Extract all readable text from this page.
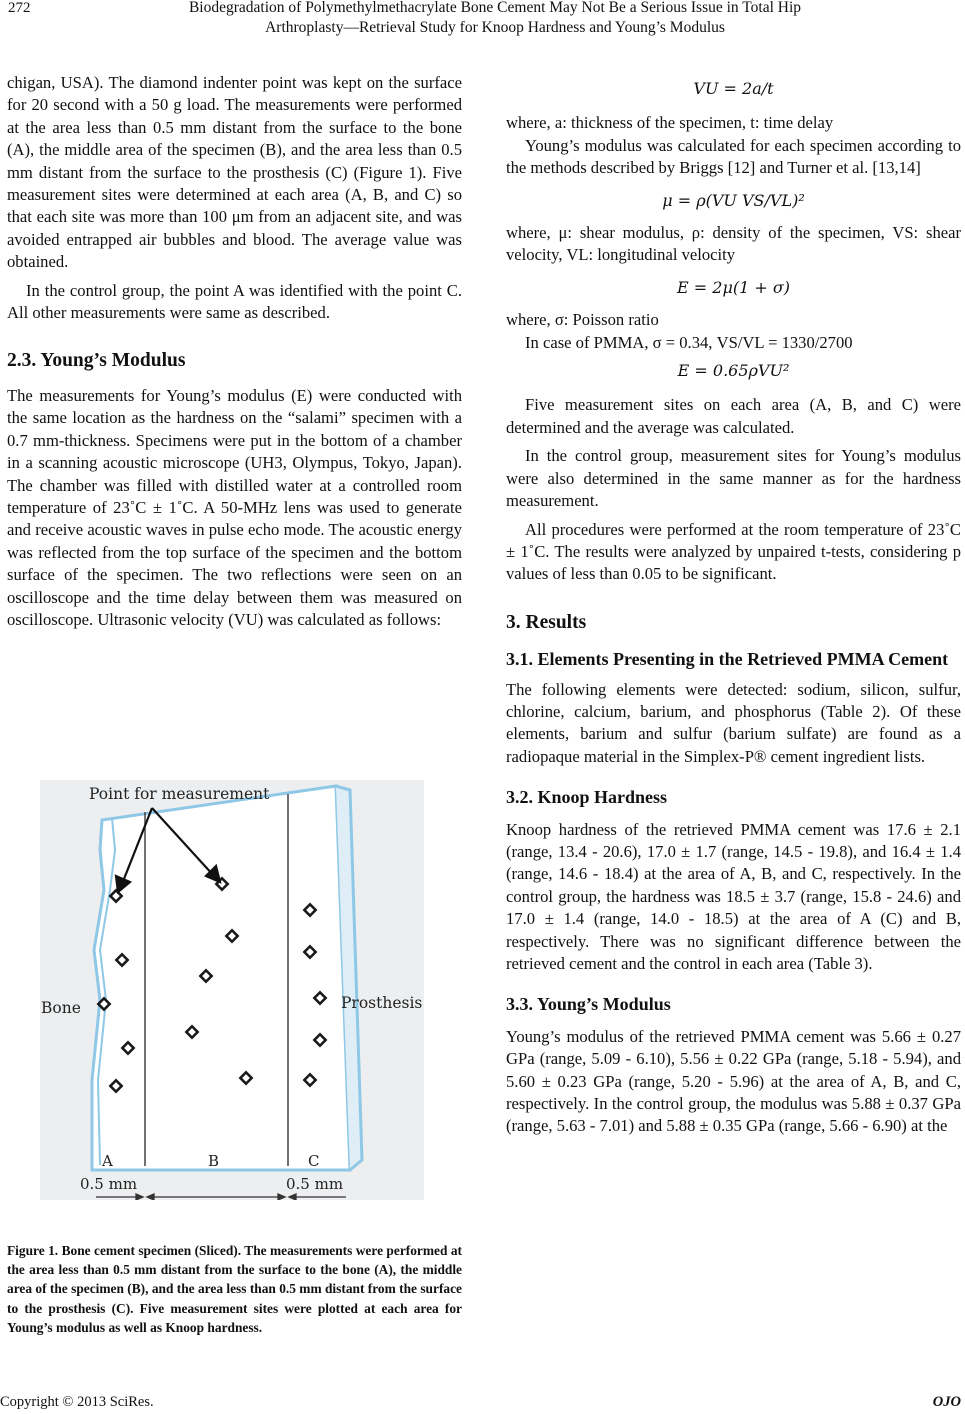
272	Biodegradation of Polymethylmethacrylate Bone Cement May Not Be a Serious Issue in Total Hip
Arthroplasty—Retrieval Study for Knoop Hardness and Young’s Modulus

chigan, USA). The diamond indenter point was kept on the surface for 20 second with a 50 g load. The measurements were performed at the area less than 0.5 mm distant from the surface to the bone (A), the middle area of the specimen (B), and the area less than 0.5 mm distant from the surface to the prosthesis (C) (Figure 1). Five measurement sites were determined at each area (A, B, and C) so that each site was more than 100 μm from an adjacent site, and was avoided entrapped air bubbles and blood. The average value was obtained.

In the control group, the point A was identified with the point C. All other measurements were same as described.

2.3. Young’s Modulus

The measurements for Young’s modulus (E) were conducted with the same location as the hardness on the “salami” specimen with a 0.7 mm-thickness. Specimens were put in the bottom of a chamber in a scanning acoustic microscope (UH3, Olympus, Tokyo, Japan). The chamber was filled with distilled water at a controlled room temperature of 23˚C ± 1˚C. A 50-MHz lens was used to generate and receive acoustic waves in pulse echo mode. The acoustic energy was reflected from the top surface of the specimen and the bottom surface of the specimen. The two reflections were seen on an oscilloscope and the time delay between them was measured on oscilloscope. Ultrasonic velocity (VU) was calculated as follows:

Point for measurement
Bone	Prosthesis
0.5 mm	0.5 mm
A	B	C
Figure 1. Bone cement specimen (Sliced). The measurements were performed at the area less than 0.5 mm distant from the surface to the bone (A), the middle area of the specimen (B), and the area less than 0.5 mm distant from the surface to the prosthesis (C). Five measurement sites were plotted at each area for Young’s modulus as well as Knoop hardness.
VU = 2a/t

where, a: thickness of the specimen, t: time delay

Young’s modulus was calculated for each specimen according to the methods described by Briggs [12] and Turner et al. [13,14]

μ = ρ(VU VS/VL)²

where, μ: shear modulus, ρ: density of the specimen, VS: shear velocity, VL: longitudinal velocity

E = 2μ(1 + σ)

where, σ: Poisson ratio

In case of PMMA, σ = 0.34, VS/VL = 1330/2700

E = 0.65ρVU²

Five measurement sites on each area (A, B, and C) were determined and the average was calculated.

In the control group, measurement sites for Young’s modulus were also determined in the same manner as for the hardness measurement.

All procedures were performed at the room temperature of 23˚C ± 1˚C. The results were analyzed by unpaired t-tests, considering p values of less than 0.05 to be significant.

3. Results
3.1. Elements Presenting in the Retrieved PMMA Cement

The following elements were detected: sodium, silicon, sulfur, chlorine, calcium, barium, and phosphorus (Table 2). Of these elements, barium and sulfur (barium sulfate) are found as a radiopaque material in the Simplex-P® cement ingredient lists.

3.2. Knoop Hardness

Knoop hardness of the retrieved PMMA cement was 17.6 ± 2.1 (range, 13.4 - 20.6), 17.0 ± 1.7 (range, 14.5 - 19.8), and 16.4 ± 1.4 (range, 14.6 - 18.4) at the area of A, B, and C, respectively. In the control group, the hardness was 18.5 ± 3.7 (range, 15.8 - 24.6) and 17.0 ± 1.4 (range, 14.0 - 18.5) at the area of A (C) and B, respectively. There was no significant difference between the retrieved cement and the control in each area (Table 3).

3.3. Young’s Modulus

Young’s modulus of the retrieved PMMA cement was 5.66 ± 0.27 GPa (range, 5.09 - 6.10), 5.56 ± 0.22 GPa (range, 5.18 - 5.94), and 5.60 ± 0.23 GPa (range, 5.20 - 5.96) at the area of A, B, and C, respectively. In the control group, the modulus was 5.88 ± 0.37 GPa (range, 5.63 - 7.01) and 5.88 ± 0.35 GPa (range, 5.66 - 6.90) at the

Copyright © 2013 SciRes.	OJO
